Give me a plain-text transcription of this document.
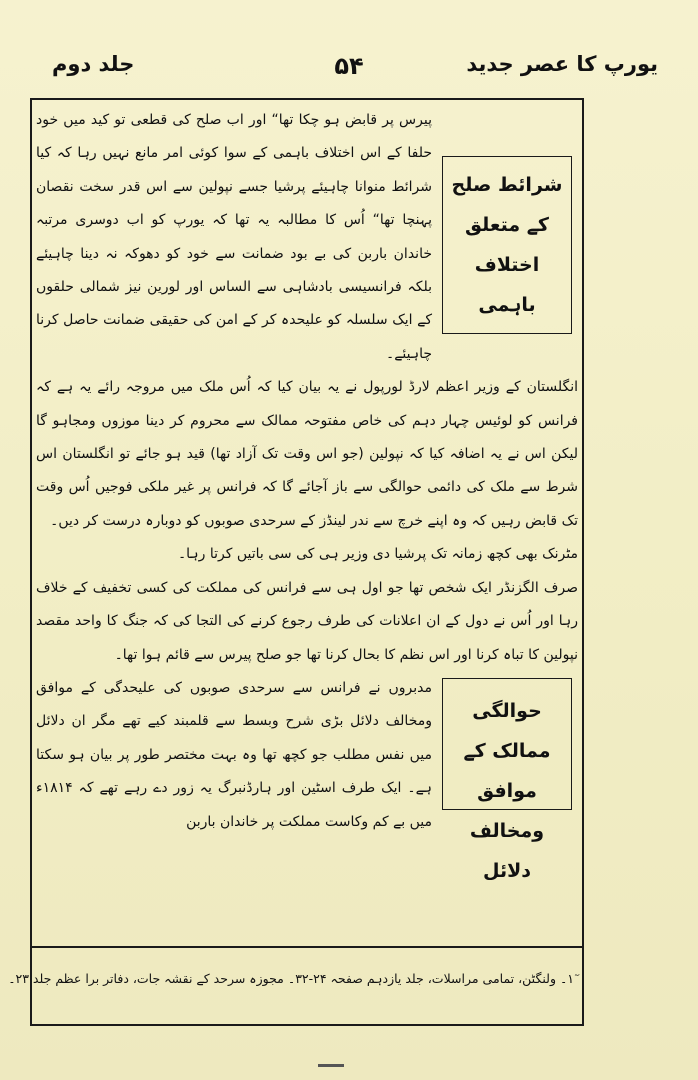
یورپ کا عصر جدید
۵۴
جلد دوم
شرائط صلح کے متعلق اختلاف باہمی

پیرس پر قابض ہو چکا تھا“ اور اب صلح کی قطعی تو کید میں خود حلفا کے اس اختلاف باہمی کے سوا کوئی امر مانع نہیں رہا کہ کیا شرائط منوانا چاہیئے پرشیا جسے نپولین سے اس قدر سخت نقصان پہنچا تھا“ اُس کا مطالبہ یہ تھا کہ یورپ کو اب دوسری مرتبہ خاندان باربن کی بے بود ضمانت سے خود کو دھوکہ نہ دینا چاہیئے بلکہ فرانسیسی بادشاہی سے الساس اور لورین نیز شمالی حلقوں کے ایک سلسلہ کو علیحدہ کر کے امن کی حقیقی ضمانت حاصل کرنا چاہیئے۔

انگلستان کے وزیر اعظم لارڈ لورپول نے یہ بیان کیا کہ اُس ملک میں مروجہ رائے یہ ہے کہ فرانس کو لوئیس چہار دہم کی خاص مفتوحہ ممالک سے محروم کر دینا موزوں ومجاہو گا لیکن اس نے یہ اضافہ کیا کہ نپولین (جو اس وقت تک آزاد تھا) قید ہو جائے تو انگلستان اس شرط سے ملک کی دائمی حوالگی سے باز آجائے گا کہ فرانس پر غیر ملکی فوجیں اُس وقت تک قابض رہیں کہ وہ اپنے خرچ سے ندر لینڈز کے سرحدی صوبوں کو دوبارہ درست کر دیں۔

مٹرنک بھی کچھ زمانہ تک پرشیا دی وزیر ہی کی سی باتیں کرتا رہا۔

صرف الگزنڈر ایک شخص تھا جو اول ہی سے فرانس کی مملکت کی کسی تخفیف کے خلاف رہا اور اُس نے دول کے ان اعلانات کی طرف رجوع کرنے کی التجا کی کہ جنگ کا واحد مقصد نپولین کا تباہ کرنا اور اس نظم کا بحال کرنا تھا جو صلح پیرس سے قائم ہوا تھا۔

حوالگی ممالک کے موافق ومخالف دلائل

مدبروں نے فرانس سے سرحدی صوبوں کی علیحدگی کے موافق ومخالف دلائل بڑی شرح وبسط سے قلمبند کیے تھے مگر ان دلائل میں نفس مطلب جو کچھ تھا وہ بہت مختصر طور پر بیان ہو سکتا ہے۔ ایک طرف اسٹین اور ہارڈنبرگ یہ زور دے رہے تھے کہ ۱۸۱۴ء میں بے کم وکاست مملکت پر خاندان باربن

۱ٓ۔ ولنگٹن، تمامی مراسلات، جلد یازدہم صفحہ ۲۴-۳۲۔ مجوزہ سرحد کے نقشہ جات، دفاتر برا عظم جلد ۲۳۔
